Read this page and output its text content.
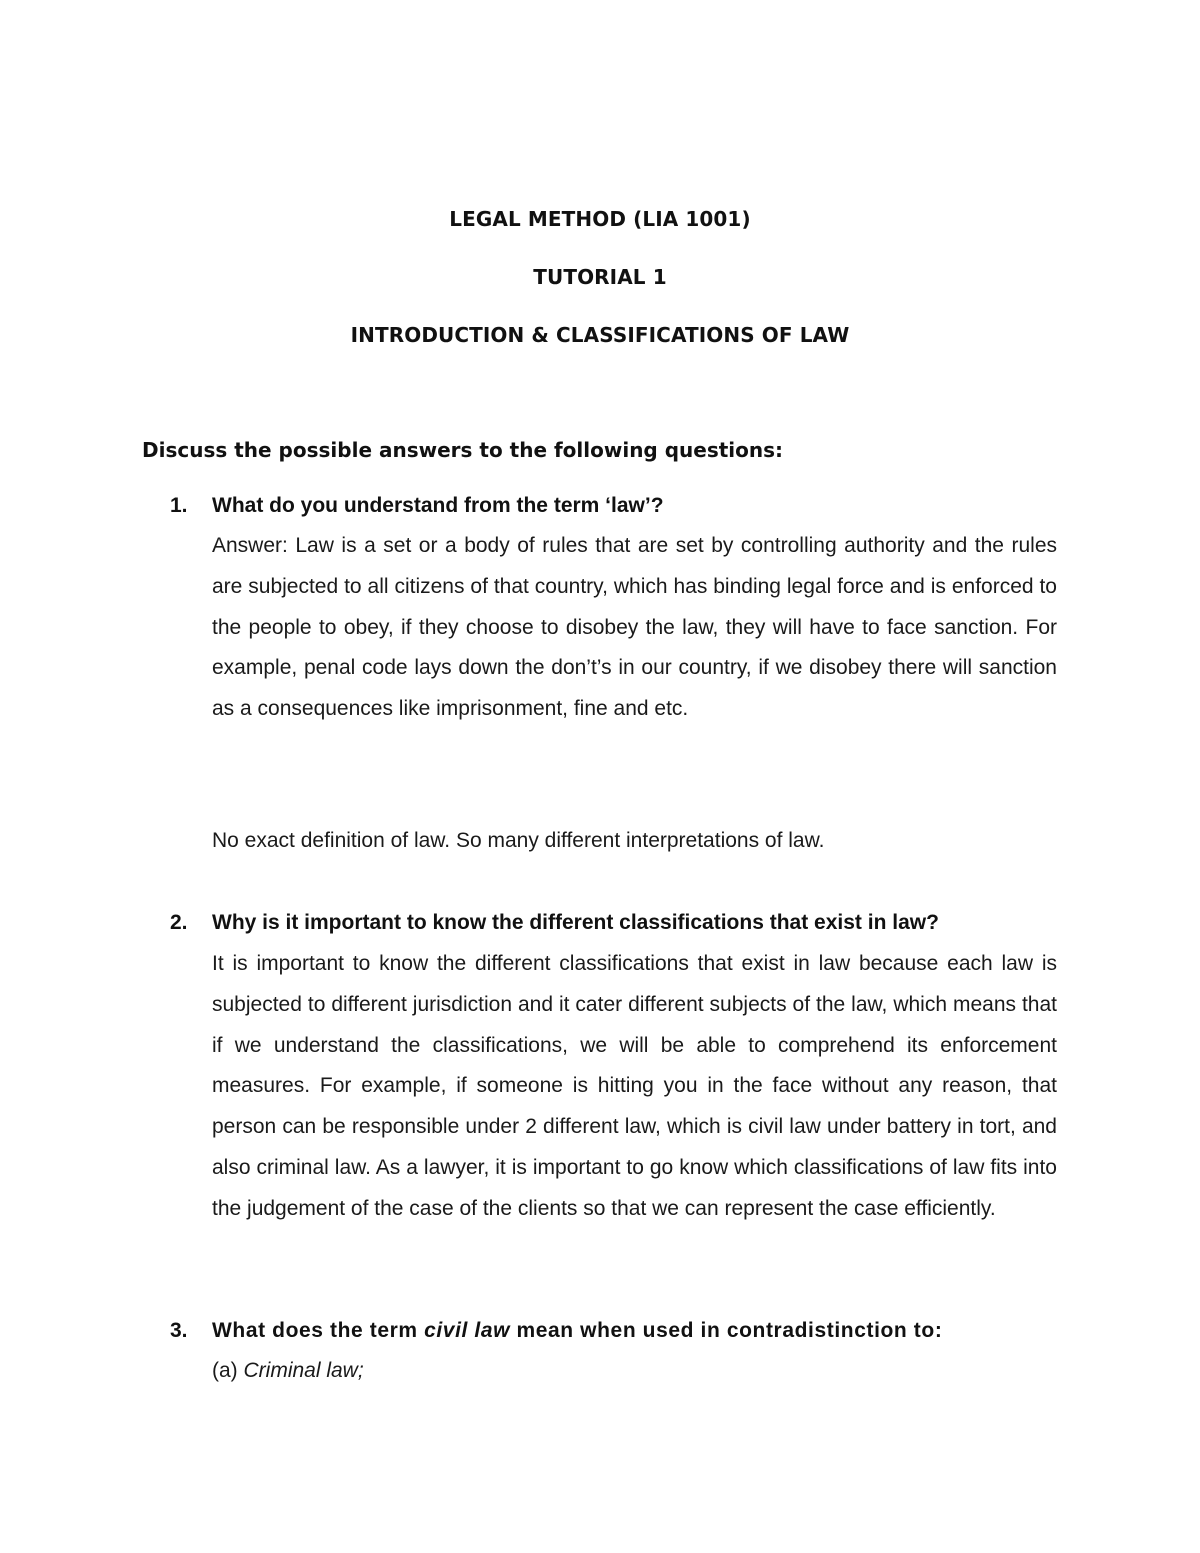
LEGAL METHOD (LIA 1001)
TUTORIAL 1
INTRODUCTION & CLASSIFICATIONS OF LAW
Discuss the possible answers to the following questions:
1. What do you understand from the term ‘law’?
Answer: Law is a set or a body of rules that are set by controlling authority and the rules are subjected to all citizens of that country, which has binding legal force and is enforced to the people to obey, if they choose to disobey the law, they will have to face sanction. For example, penal code lays down the don’t’s in our country, if we disobey there will sanction as a consequences like imprisonment, fine and etc.
No exact definition of law. So many different interpretations of law.
2. Why is it important to know the different classifications that exist in law?
It is important to know the different classifications that exist in law because each law is subjected to different jurisdiction and it cater different subjects of the law, which means that if we understand the classifications, we will be able to comprehend its enforcement measures. For example, if someone is hitting you in the face without any reason, that person can be responsible under 2 different law, which is civil law under battery in tort, and also criminal law. As a lawyer, it is important to go know which classifications of law fits into the judgement of the case of the clients so that we can represent the case efficiently.
3. What does the term civil law mean when used in contradistinction to:
(a) Criminal law;
